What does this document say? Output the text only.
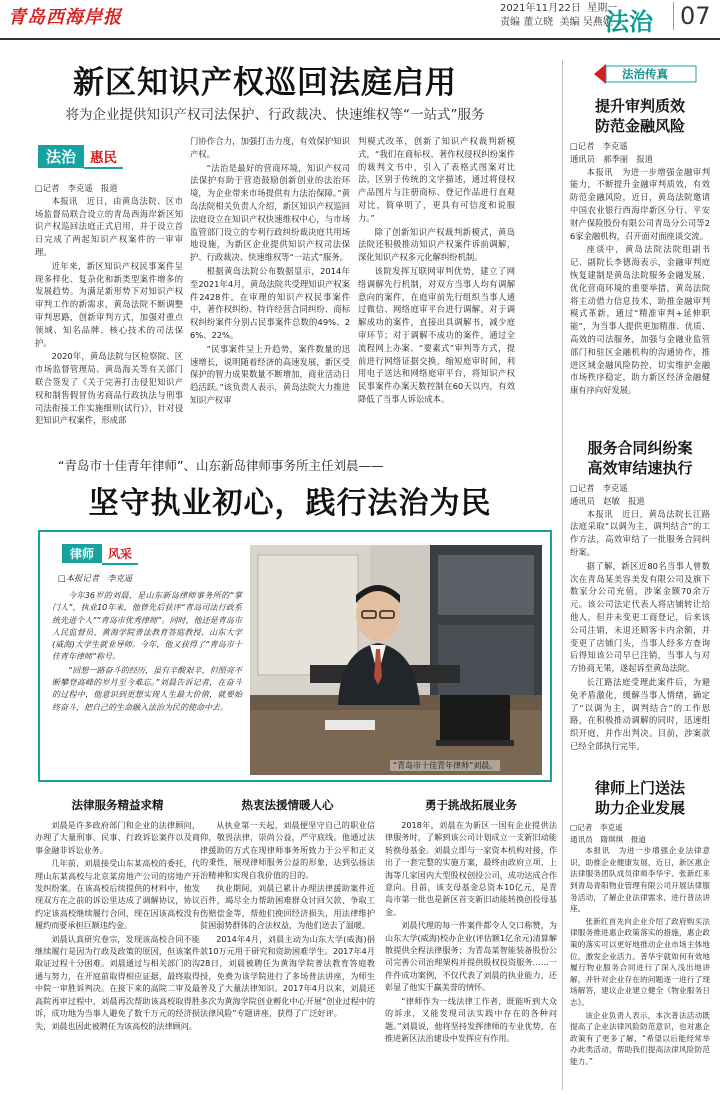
青岛西海岸报	2021年11月22日 星期一
责编 董立晓 美编 吴燕妮
法治 07
新区知识产权巡回法庭启用
将为企业提供知识产权司法保护、行政裁决、快速维权等“一站式”服务
法治 惠民
□记者　李克遥　报道

本报讯　近日，由黄岛法院、区市场监督局联合设立的青岛西海岸新区知识产权巡回法庭正式启用，并于设立首日完成了两起知识产权案件的一审审理。

近年来，新区知识产权民事案件呈现多样化、复杂化和新类型案件增多的发展趋势。为满足新形势下对知识产权审判工作的新需求，黄岛法院不断调整审判思路，创新审判方式，加强对重点领域、知名品牌、核心技术的司法保护。

2020年，黄岛法院与区检察院、区市场监督管理局、黄岛海关等有关部门联合签发了《关于完善打击侵犯知识产权和制售假冒伪劣商品行政执法与刑事司法衔接工作实施细则(试行)》，针对侵犯知识产权案件，形成部

门协作合力，加强打击力度，有效保护知识产权。

“法治是最好的营商环境，知识产权司法保护有助于营造鼓励创新创业的法治环境，为企业带来市场提供有力法治保障。”黄岛法院相关负责人介绍，新区知识产权巡回法庭设立在知识产权快速维权中心，与市场监管部门设立的专利行政纠纷裁决庭共用场地设施，为新区企业提供知识产权司法保护、行政裁决、快速维权等“一站式”服务。

根据黄岛法院公布数据显示，2014年至2021年4月，黄岛法院共受理知识产权案件2428件。在审理的知识产权民事案件中，著作权纠纷、特许经营合同纠纷、商标权纠纷案件分别占民事案件总数的49%、26%、22%。

“民事案件呈上升趋势，案件数量的迅速增长，说明随着经济的高速发展，新区受保护的智力成果数量不断增加，商业活动日趋活跃。”该负责人表示，黄岛法院大力推进知识产权审

判模式改革，创新了知识产权裁判新模式，“我们在商标权、著作权侵权纠纷案件的裁判文书中，引入了表格式图案对比法，区别于传统的文字描述，通过将侵权产品图片与注册商标、登记作品进行直观对比，简单明了，更具有可信度和说服力。”

除了创新知识产权裁判新模式，黄岛法院还积极推动知识产权案件诉前调解，深化知识产权多元化解纠纷机制。

该院发挥互联网审判优势，建立了网络调解先行机制，对双方当事人均有调解意向的案件，在庭审前先行组织当事人通过微信、网络庭审平台进行调解。对于调解成功的案件，直接出具调解书，减少庭审环节；对于调解不成功的案件，通过全流程网上办案、“要素式”审判等方式，提前进行网络证据交换，缩短庭审时间，利用电子送达和网络庭审平台，将知识产权民事案件办案天数控制在60天以内，有效降低了当事人诉讼成本。

法治传真
提升审判质效
防范金融风险
□记者　李克遥
通讯员　郝季丽　报道

本报讯　为进一步增强金融审判能力，不断提升金融审判质效，有效防范金融风险，近日，黄岛法院邀请中国农业银行西海岸新区分行、平安财产保险股份有限公司青岛分公司等26家金融机构，召开面对面座谈交流。

座谈中，黄岛法院法院组副书记、副院长李德海表示，金融审判庭恢复建制是黄岛法院服务金融发展、优化营商环境的重要举措，黄岛法院将主动借力信息技术，助推金融审判模式革新，通过“精准审判+延伸职能”，为当事人提供更加精准、优质、高效的司法服务，加强与金融业监管部门和驻区金融机构的沟通协作，推进区域金融风险防控，切实维护金融市场秩序稳定，助力新区经济金融健康有序向好发展。

服务合同纠纷案
高效审结速执行
□记者　李克遥
通讯员　赵敏　报道

本报讯　近日，黄岛法院长江路法庭采取“以调为主，调判结合”的工作方法，高效审结了一批服务合同纠纷案。

据了解，新区近80名当事人曾数次在青岛某美容美发有限公司及旗下数家分公司充值，涉案金额70余万元。该公司法定代表人将店铺转让给他人，但并未变更工商登记，后来该公司注销，未退还顾客卡内余额，并变更了店铺门头，当事人经多方查询后得知该公司早已注销，当事人与对方协商无果，遂起诉至黄岛法院。

长江路法庭受理此案件后，为避免矛盾激化，缓解当事人情绪，确定了“以调为主，调判结合”的工作思路，在积极推动调解的同时，迅速组织开庭，并作出判决。目前，涉案款已经全部执行完毕。

律师上门送法
助力企业发展
□记者　李克遥
通讯员　隋琪琪　报道

本报讯　为进一步增强企业法律意识，助推企业健康发展，近日，新区惠企法律服务团队成员律师李华宇、张新红来到青岛青阳物业管理有限公司开展法律服务活动，了解企业法律需求，进行普法讲座。

张新红首先向企业介绍了政府购买法律服务推进惠企政策落实的措施，惠企政策的落实可以更好地推动企业市场主体地位，激发企业活力。普华宇就如何有效地履行物业服务合同进行了深入浅出地讲解，并针对企业存在的问题逐一进行了现场解答，建议企业建立健全《物业服务日志》。

该企业负责人表示，本次普法活动既提高了企业法律风险防范意识，也对惠企政策有了更多了解，“希望以后能经常举办此类活动，帮助我们提高法律风险防范能力。”

“青岛市十佳青年律师”、山东新岛律师事务所主任刘晨——
坚守执业初心，践行法治为民
律师 风采
□本报记者　李克遥

今年36岁的刘晨，是山东新岛律师事务所的“掌门人”，执业10年来，他曾先后获评“青岛司法行政系统先进个人”“青岛市优秀律师”。同时，他还是青岛市人民监督员、黄海学院普法教育答庭教授、山东大学(威海)大学生就业导师。今年，他又获得了“青岛市十佳青年律师”称号。

“回想一路奋斗的经历，虽有辛酸艰辛，但照亮不断攀登高峰的岁月至今难忘。”刘晨告诉记者，在奋斗的过程中，他意识到更想实现人生最大价值，就要始终奋斗，把自己的生命融入法治为民的使命中去。

“青岛市十佳青年律师”刘晨。
法律服务精益求精

刘晨是许多政府部门和企业的法律顾问，办理了大量刑事、民事、行政诉讼案件以及商事金融非诉讼业务。

几年前，刘晨接受山东某高校的委托，代理山东某高校与北京某房地产公司的房地产开发纠纷案。在该高校后续提供的材料中，他发现双方在之前的诉讼里达成了调解协议，协议约定该高校继续履行合同，现在因该高校没有履约而要承担巨额违约金。

刘晨认真研究卷宗，发现该高校合同不能继续履行是因为行政及政策的原因，但该案件取证过程十分困难。刘晨通过与相关部门的沟通与努力，在开庭前取得相应证据，最终取得中院一审胜诉判决。在接下来的高院二审及最高院再审过程中，刘晨再次帮助该高校取得胜诉，成功地为当事人避免了数千万元的经济损失，刘晨也因此被聘任为该高校的法律顾问。

热衷法援情暖人心

从执业第一天起，刘晨便坚守自己的职业信仰，敬畏法律，崇尚公益，严守底线。他通过法律援助的方式在现律师事务所致力于公平和正义的秉性，展现律师服务公益的形象，达到弘扬法治精神和实现自我价值的目的。

执业期间，刘晨已累计办理法律援助案件近百件，竭尽全力帮助困难群众讨回欠款、争取工伤赔偿金等，帮他们挽回经济损失，用法律维护贫困弱势群体的合法权益，为他们送去了温暖。

2014年4月，刘晨主动为山东大学(威海)捐款10万元用于研究和资助困难学生。2017年4月28日，刘晨被聘任为黄海学院普法教育答庭教授，免费为该学院进行了多场普法讲座，为师生普及了大量法律知识。2017年4月以来，刘晨还多次为黄海学院创业孵化中心开展“创业过程中的法律风险”专题讲座，获得了广泛好评。

勇于挑战拓展业务

2018年，刘晨在为新区一国有企业提供法律服务时，了解到该公司计划成立一支新旧动能转换母基金。刘晨立即与一家资本机构对接，作出了一套完整的实施方案，最终由政府立项、上海等几家国内大型股权创投公司，成功达成合作意向。目前，该支母基金总资本10亿元，是青岛市第一批也是新区首支新旧动能转换创投母基金。

刘晨代理的每一件案件都令人交口称赞，为山东大学(威海)校办企业(评估额1亿余元)清算解散提供全程法律服务；为青岛某智能装备股份公司完善公司治理架构并提供股权投资服务……一件件成功案例，不仅代表了刘晨的执业能力，还彰显了他实干赢美誉的情怀。

“律师作为一线法律工作者，既能听到大众的诉求，又能发现司法实践中存在的各种问题。”刘晨说，他将坚持发挥律师的专业优势，在推进新区法治建设中发挥应有作用。
